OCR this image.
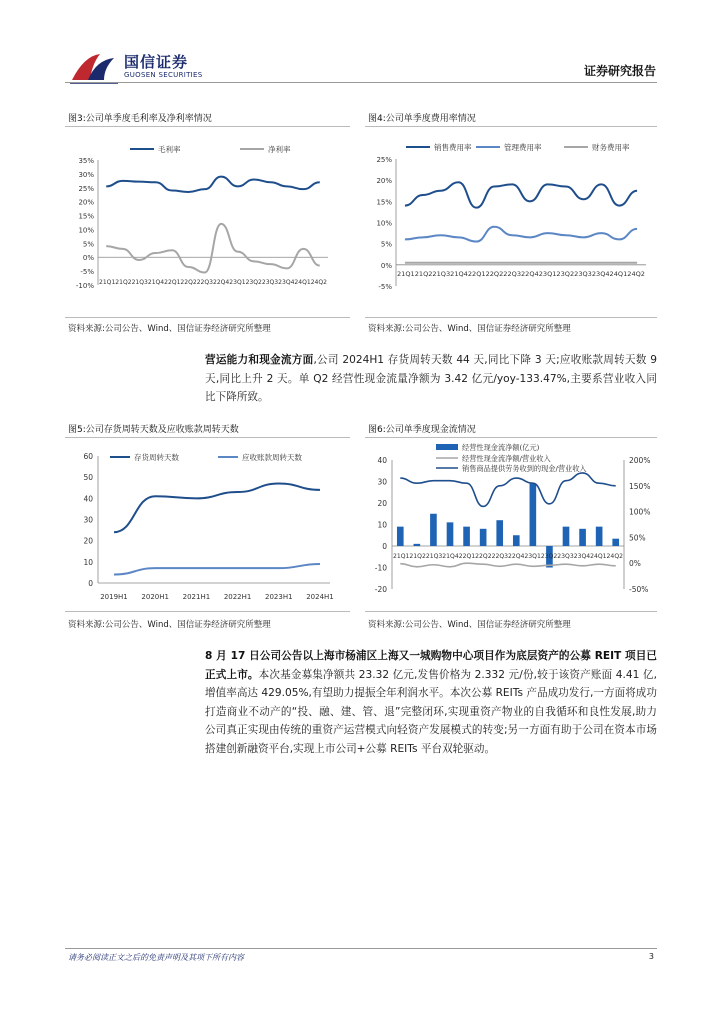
国信证券
GUOSEN SECURITIES	证券研究报告
图3:公司单季度毛利率及净利率情况
35%
30%
25%
20%
15%
10%
5%
0%
-5%
-10% 21Q121Q221Q321Q422Q122Q222Q322Q423Q123Q223Q323Q424Q124Q2
毛利率	净利率
资料来源:公司公告、Wind、国信证券经济研究所整理
图4:公司单季度费用率情况
25%
20%
15%
10%
5%
0%
-5%
21Q121Q221Q321Q422Q122Q222Q322Q423Q123Q223Q323Q424Q124Q2
销售费用率	管理费用率	财务费用率
资料来源:公司公告、Wind、国信证券经济研究所整理
营运能力和现金流方面,公司 2024H1 存货周转天数 44 天,同比下降 3 天;应收账款周转天数 9 天,同比上升 2 天。单 Q2 经营性现金流量净额为 3.42 亿元/yoy-133.47%,主要系营业收入同比下降所致。
图5:公司存货周转天数及应收账款周转天数
60
50
40
30
20
10
0
2019H1 2020H1 2021H1 2022H1 2023H1 2024H1
存货周转天数	应收账款周转天数
资料来源:公司公告、Wind、国信证券经济研究所整理
图6:公司单季度现金流情况
40
30
20
10
0
-10
-20
200%
150%
100%
50%
0%
-50%
21Q121Q221Q321Q422Q122Q222Q322Q423Q123Q223Q323Q424Q124Q2
经营性现金流净额(亿元)
经营性现金流净额/营业收入
销售商品提供劳务收到的现金/营业收入
资料来源:公司公告、Wind、国信证券经济研究所整理
8 月 17 日公司公告以上海市杨浦区上海又一城购物中心项目作为底层资产的公募 REIT 项目已正式上市。本次基金募集净额共 23.32 亿元,发售价格为 2.332 元/份,较于该资产账面 4.41 亿,增值率高达 429.05%,有望助力提振全年利润水平。本次公募 REITs 产品成功发行,一方面将成功打造商业不动产的“投、融、建、管、退”完整闭环,实现重资产物业的自我循环和良性发展,助力公司真正实现由传统的重资产运营模式向轻资产发展模式的转变;另一方面有助于公司在资本市场搭建创新融资平台,实现上市公司+公募 REITs 平台双轮驱动。
请务必阅读正文之后的免责声明及其项下所有内容	3
